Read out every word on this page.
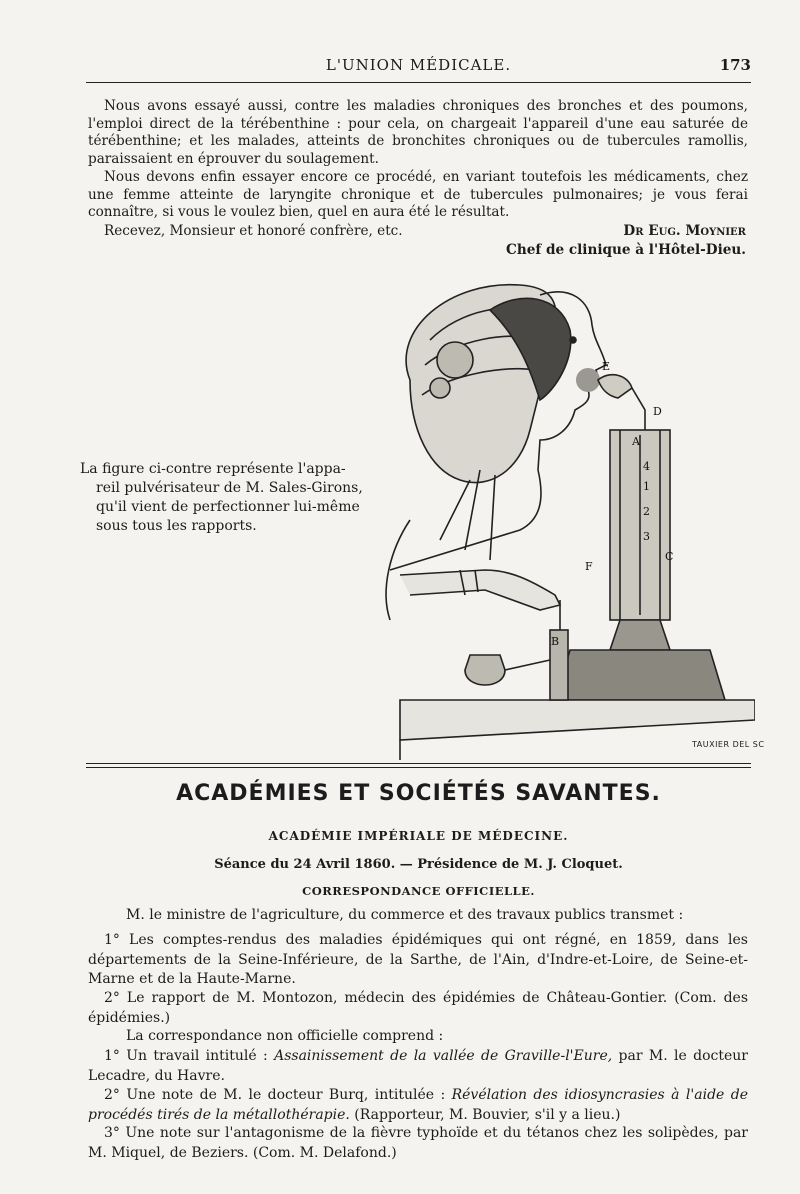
L'UNION MÉDICALE.	173

Nous avons essayé aussi, contre les maladies chroniques des bronches et des poumons, l'emploi direct de la térébenthine : pour cela, on chargeait l'appareil d'une eau saturée de térébenthine; et les malades, atteints de bronchites chroniques ou de tubercules ramollis, paraissaient en éprouver du soulagement.

Nous devons enfin essayer encore ce procédé, en variant toutefois les médicaments, chez une femme atteinte de laryngite chronique et de tubercules pulmonaires; je vous ferai connaître, si vous le voulez bien, quel en aura été le résultat.

Recevez, Monsieur et honoré confrère, etc.	Dr Eug. Moynier
Chef de clinique à l'Hôtel-Dieu.
La figure ci-contre représente l'appa-
reil pulvérisateur de M. Sales-Girons,
qu'il vient de perfectionner lui-même
sous tous les rapports.
E
D
A
B
F
1
2
3
4
C
TAUXIER DEL SC
ACADÉMIES ET SOCIÉTÉS SAVANTES.
ACADÉMIE IMPÉRIALE DE MÉDECINE.
Séance du 24 Avril 1860. — Présidence de M. J. Cloquet.
CORRESPONDANCE OFFICIELLE.

M. le ministre de l'agriculture, du commerce et des travaux publics transmet :

1° Les comptes-rendus des maladies épidémiques qui ont régné, en 1859, dans les départements de la Seine-Inférieure, de la Sarthe, de l'Ain, d'Indre-et-Loire, de Seine-et-Marne et de la Haute-Marne.

2° Le rapport de M. Montozon, médecin des épidémies de Château-Gontier. (Com. des épidémies.)

La correspondance non officielle comprend :

1° Un travail intitulé : Assainissement de la vallée de Graville-l'Eure, par M. le docteur Lecadre, du Havre.

2° Une note de M. le docteur Burq, intitulée : Révélation des idiosyncrasies à l'aide de procédés tirés de la métallothérapie. (Rapporteur, M. Bouvier, s'il y a lieu.)

3° Une note sur l'antagonisme de la fièvre typhoïde et du tétanos chez les solipèdes, par M. Miquel, de Beziers. (Com. M. Delafond.)
